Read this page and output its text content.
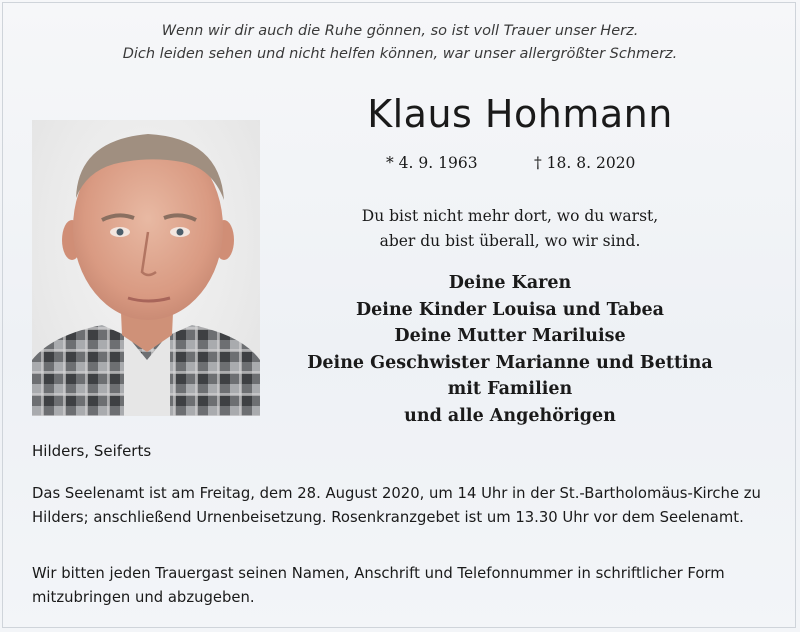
Wenn wir dir auch die Ruhe gönnen, so ist voll Trauer unser Herz.
Dich leiden sehen und nicht helfen können, war unser allergrößter Schmerz.
Klaus Hohmann
* 4. 9. 1963	† 18. 8. 2020
Du bist nicht mehr dort, wo du warst,
aber du bist überall, wo wir sind.
Deine Karen
Deine Kinder Louisa und Tabea
Deine Mutter Mariluise
Deine Geschwister Marianne und Bettina
mit Familien
und alle Angehörigen
Hilders, Seiferts
Das Seelenamt ist am Freitag, dem 28. August 2020, um 14 Uhr in der St.-Bartholomäus-Kirche zu Hilders; anschließend Urnenbeisetzung. Rosenkranzgebet ist um 13.30 Uhr vor dem Seelenamt.
Wir bitten jeden Trauergast seinen Namen, Anschrift und Telefonnummer in schriftlicher Form mitzubringen und abzugeben.
